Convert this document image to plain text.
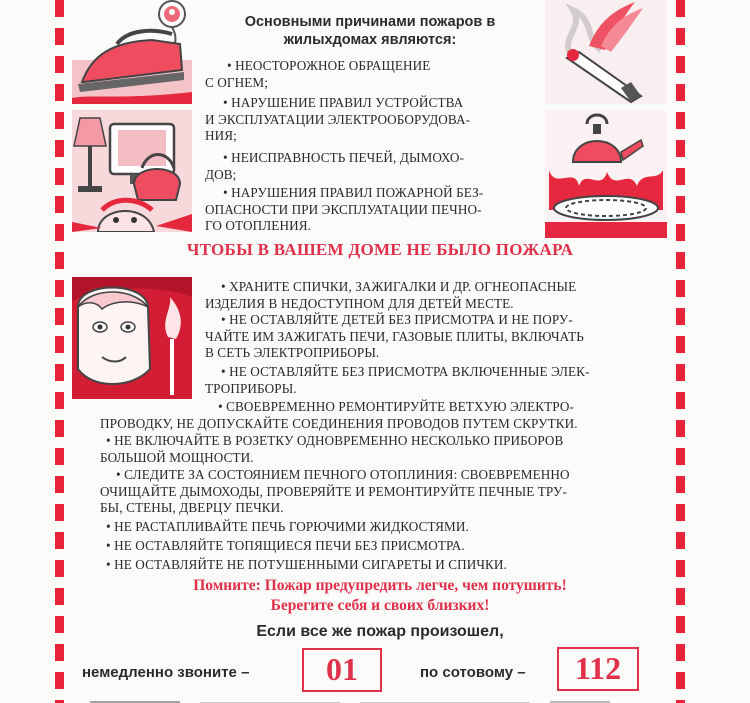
Основными причинами пожаров в
жилыхдомах являются:
• НЕОСТОРОЖНОЕ ОБРАЩЕНИЕ
С ОГНЕМ;
• НАРУШЕНИЕ ПРАВИЛ УСТРОЙСТВА
И ЭКСПЛУАТАЦИИ ЭЛЕКТРООБОРУДОВА-
НИЯ;
• НЕИСПРАВНОСТЬ ПЕЧЕЙ, ДЫМОХО-
ДОВ;
• НАРУШЕНИЯ ПРАВИЛ ПОЖАРНОЙ БЕЗ-
ОПАСНОСТИ ПРИ ЭКСПЛУАТАЦИИ ПЕЧНО-
ГО ОТОПЛЕНИЯ.
ЧТОБЫ В ВАШЕМ ДОМЕ НЕ БЫЛО ПОЖАРА
• ХРАНИТЕ СПИЧКИ, ЗАЖИГАЛКИ И ДР. ОГНЕОПАСНЫЕ
ИЗДЕЛИЯ В НЕДОСТУПНОМ ДЛЯ ДЕТЕЙ МЕСТЕ.
• НЕ ОСТАВЛЯЙТЕ ДЕТЕЙ БЕЗ ПРИСМОТРА И НЕ ПОРУ-
ЧАЙТЕ ИМ ЗАЖИГАТЬ ПЕЧИ, ГАЗОВЫЕ ПЛИТЫ, ВКЛЮЧАТЬ
В СЕТЬ ЭЛЕКТРОПРИБОРЫ.
• НЕ ОСТАВЛЯЙТЕ БЕЗ ПРИСМОТРА ВКЛЮЧЕННЫЕ ЭЛЕК-
ТРОПРИБОРЫ.
• СВОЕВРЕМЕННО РЕМОНТИРУЙТЕ ВЕТХУЮ ЭЛЕКТРО-
ПРОВОДКУ, НЕ ДОПУСКАЙТЕ СОЕДИНЕНИЯ ПРОВОДОВ ПУТЕМ СКРУТКИ.
• НЕ ВКЛЮЧАЙТЕ В РОЗЕТКУ ОДНОВРЕМЕННО НЕСКОЛЬКО ПРИБОРОВ
БОЛЬШОЙ МОЩНОСТИ.
• СЛЕДИТЕ ЗА СОСТОЯНИЕМ ПЕЧНОГО ОТОПЛИНИЯ: СВОЕВРЕМЕННО
ОЧИЩАЙТЕ ДЫМОХОДЫ, ПРОВЕРЯЙТЕ И РЕМОНТИРУЙТЕ ПЕЧНЫЕ ТРУ-
БЫ, СТЕНЫ, ДВЕРЦУ ПЕЧКИ.
• НЕ РАСТАПЛИВАЙТЕ ПЕЧЬ ГОРЮЧИМИ ЖИДКОСТЯМИ.
• НЕ ОСТАВЛЯЙТЕ ТОПЯЩИЕСЯ ПЕЧИ БЕЗ ПРИСМОТРА.
• НЕ ОСТАВЛЯЙТЕ НЕ ПОТУШЕННЫМИ СИГАРЕТЫ И СПИЧКИ.
Помните: Пожар предупредить легче, чем потушить!
Берегите себя и своих близких!
Если все же пожар произошел,
немедленно звоните –	01	по сотовому –	112
